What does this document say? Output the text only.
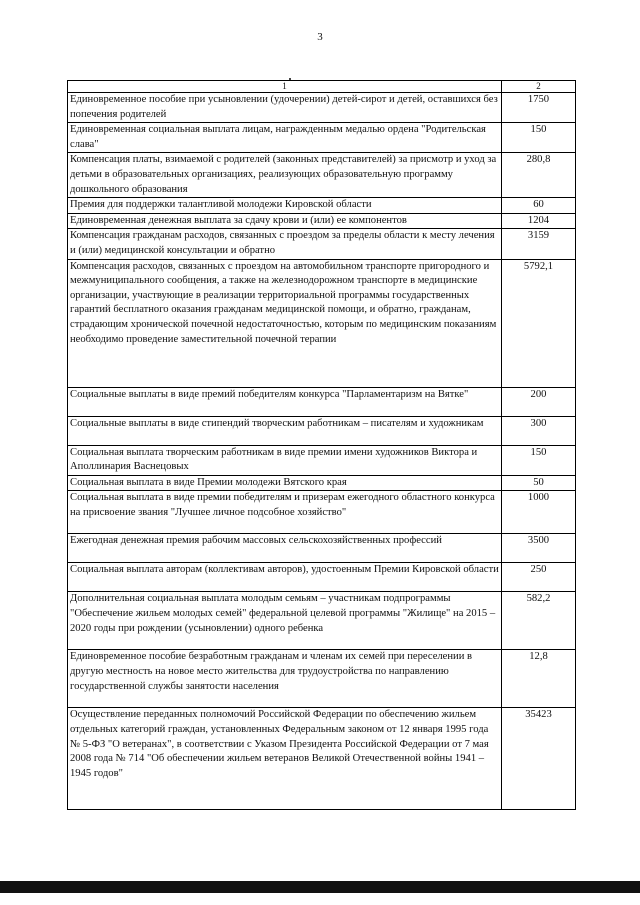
3
1	2
Единовременное пособие при усыновлении (удочерении) детей-сирот и детей, оставшихся без попечения родителей	1750
Единовременная социальная выплата лицам, награжденным медалью ордена "Родительская слава"	150
Компенсация платы, взимаемой с родителей (законных представителей) за присмотр и уход за детьми в образовательных организациях, реализующих образовательную программу дошкольного образования	280,8
Премия для поддержки талантливой молодежи Кировской области	60
Единовременная денежная выплата за сдачу крови и (или) ее компонентов	1204
Компенсация гражданам расходов, связанных с проездом за пределы области к месту лечения и (или) медицинской консультации и обратно	3159
Компенсация расходов, связанных с проездом на автомобильном транспорте пригородного и межмуниципального сообщения, а также на железнодорожном транспорте в медицинские организации, участвующие в реализации территориальной программы государственных гарантий бесплатного оказания гражданам медицинской помощи, и обратно, гражданам, страдающим хронической почечной недостаточностью, которым по медицинским показаниям необходимо проведение заместительной почечной терапии	5792,1
Социальные выплаты в виде премий победителям конкурса "Парламентаризм на Вятке"	200
Социальные выплаты в виде стипендий творческим работникам – писателям и художникам	300
Социальная выплата творческим работникам в виде премии имени художников Виктора и Аполлинария Васнецовых	150
Социальная выплата в виде Премии молодежи Вятского края	50
Социальная выплата в виде премии победителям и призерам ежегодного областного конкурса на присвоение звания "Лучшее личное подсобное хозяйство"	1000
Ежегодная денежная премия рабочим массовых сельскохозяйственных профессий	3500
Социальная выплата авторам (коллективам авторов), удостоенным Премии Кировской области	250
Дополнительная социальная выплата молодым семьям – участникам подпрограммы "Обеспечение жильем молодых семей" федеральной целевой программы "Жилище" на 2015 – 2020 годы при рождении (усыновлении) одного ребенка	582,2
Единовременное пособие безработным гражданам и членам их семей при переселении в другую местность на новое место жительства для трудоустройства по направлению государственной службы занятости населения	12,8
Осуществление переданных полномочий Российской Федерации по обеспечению жильем отдельных категорий граждан, установленных Федеральным законом от 12 января 1995 года № 5-ФЗ "О ветеранах", в соответствии с Указом Президента Российской Федерации от 7 мая 2008 года № 714 "Об обеспечении жильем ветеранов Великой Отечественной войны 1941 – 1945 годов"	35423
